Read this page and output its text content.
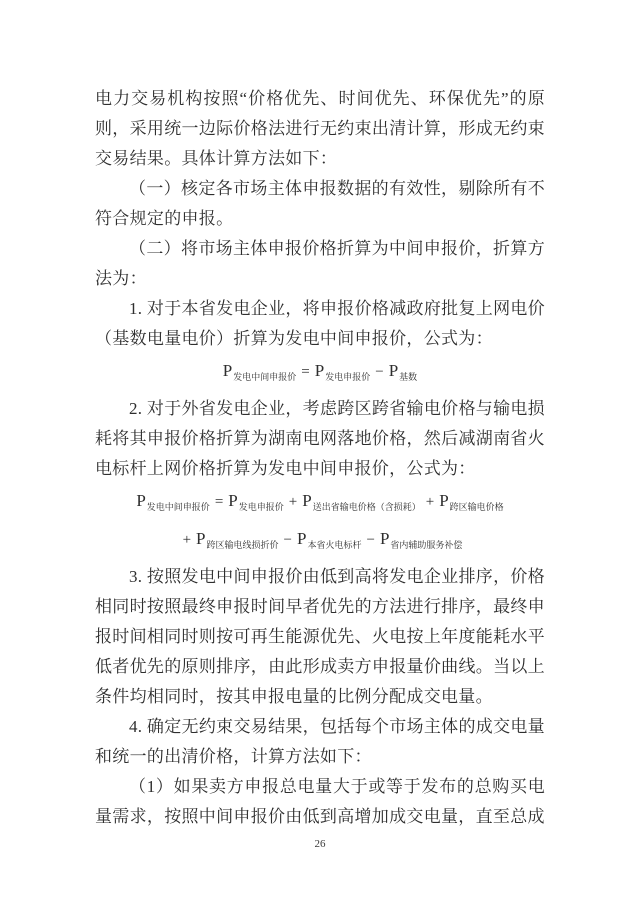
电力交易机构按照“价格优先、时间优先、环保优先”的原则，采用统一边际价格法进行无约束出清计算，形成无约束交易结果。具体计算方法如下：

（一）核定各市场主体申报数据的有效性，剔除所有不符合规定的申报。

（二）将市场主体申报价格折算为中间申报价，折算方法为：

1. 对于本省发电企业，将申报价格减政府批复上网电价（基数电量电价）折算为发电中间申报价，公式为：

$P_{发电中间申报价} = P_{发电申报价} - P_{基数}$

2. 对于外省发电企业，考虑跨区跨省输电价格与输电损耗将其申报价格折算为湖南电网落地价格，然后减湖南省火电标杆上网价格折算为发电中间申报价，公式为：

$P_{发电中间申报价} = P_{发电申报价} + P_{送出省输电价格(含损耗)} + P_{跨区输电价格}+ P_{跨区输电线损折价} - P_{本省火电标杆} - P_{省内辅助服务补偿}$

3. 按照发电中间申报价由低到高将发电企业排序，价格相同时按照最终申报时间早者优先的方法进行排序，最终申报时间相同时则按可再生能源优先、火电按上年度能耗水平低者优先的原则排序，由此形成卖方申报量价曲线。当以上条件均相同时，按其申报电量的比例分配成交电量。

4. 确定无约束交易结果，包括每个市场主体的成交电量和统一的出清价格，计算方法如下：

（1）如果卖方申报总电量大于或等于发布的总购买电量需求，按照中间申报价由低到高增加成交电量，直至总成

26
